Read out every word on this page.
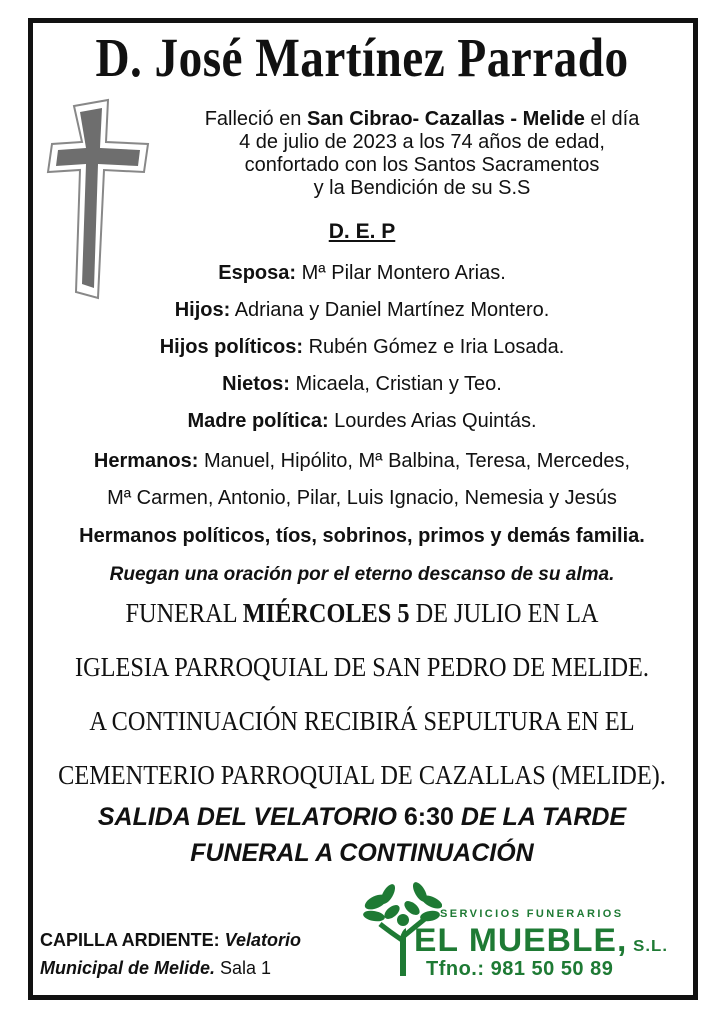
D. José Martínez Parrado
Falleció en San Cibrao- Cazallas - Melide el día
4 de julio de 2023 a los 74 años de edad,
confortado con los Santos Sacramentos
y la Bendición de su S.S
D. E. P
Esposa: Mª Pilar Montero Arias.
Hijos: Adriana y Daniel Martínez Montero.
Hijos políticos: Rubén Gómez e Iria Losada.
Nietos: Micaela, Cristian y Teo.
Madre política: Lourdes Arias Quintás.
Hermanos: Manuel, Hipólito, Mª Balbina, Teresa, Mercedes,
Mª Carmen, Antonio, Pilar, Luis Ignacio, Nemesia y Jesús
Hermanos políticos, tíos, sobrinos, primos y demás familia.
Ruegan una oración por el eterno descanso de su alma.
FUNERAL MIÉRCOLES 5 DE JULIO EN LA
IGLESIA PARROQUIAL DE SAN PEDRO DE MELIDE.
A CONTINUACIÓN RECIBIRÁ SEPULTURA EN EL
CEMENTERIO PARROQUIAL DE CAZALLAS (MELIDE).
SALIDA DEL VELATORIO 6:30 DE LA TARDE
FUNERAL A CONTINUACIÓN
CAPILLA ARDIENTE: Velatorio
Municipal de Melide. Sala 1
SERVICIOS FUNERARIOS
EL MUEBLE, S.L.
Tfno.: 981 50 50 89
